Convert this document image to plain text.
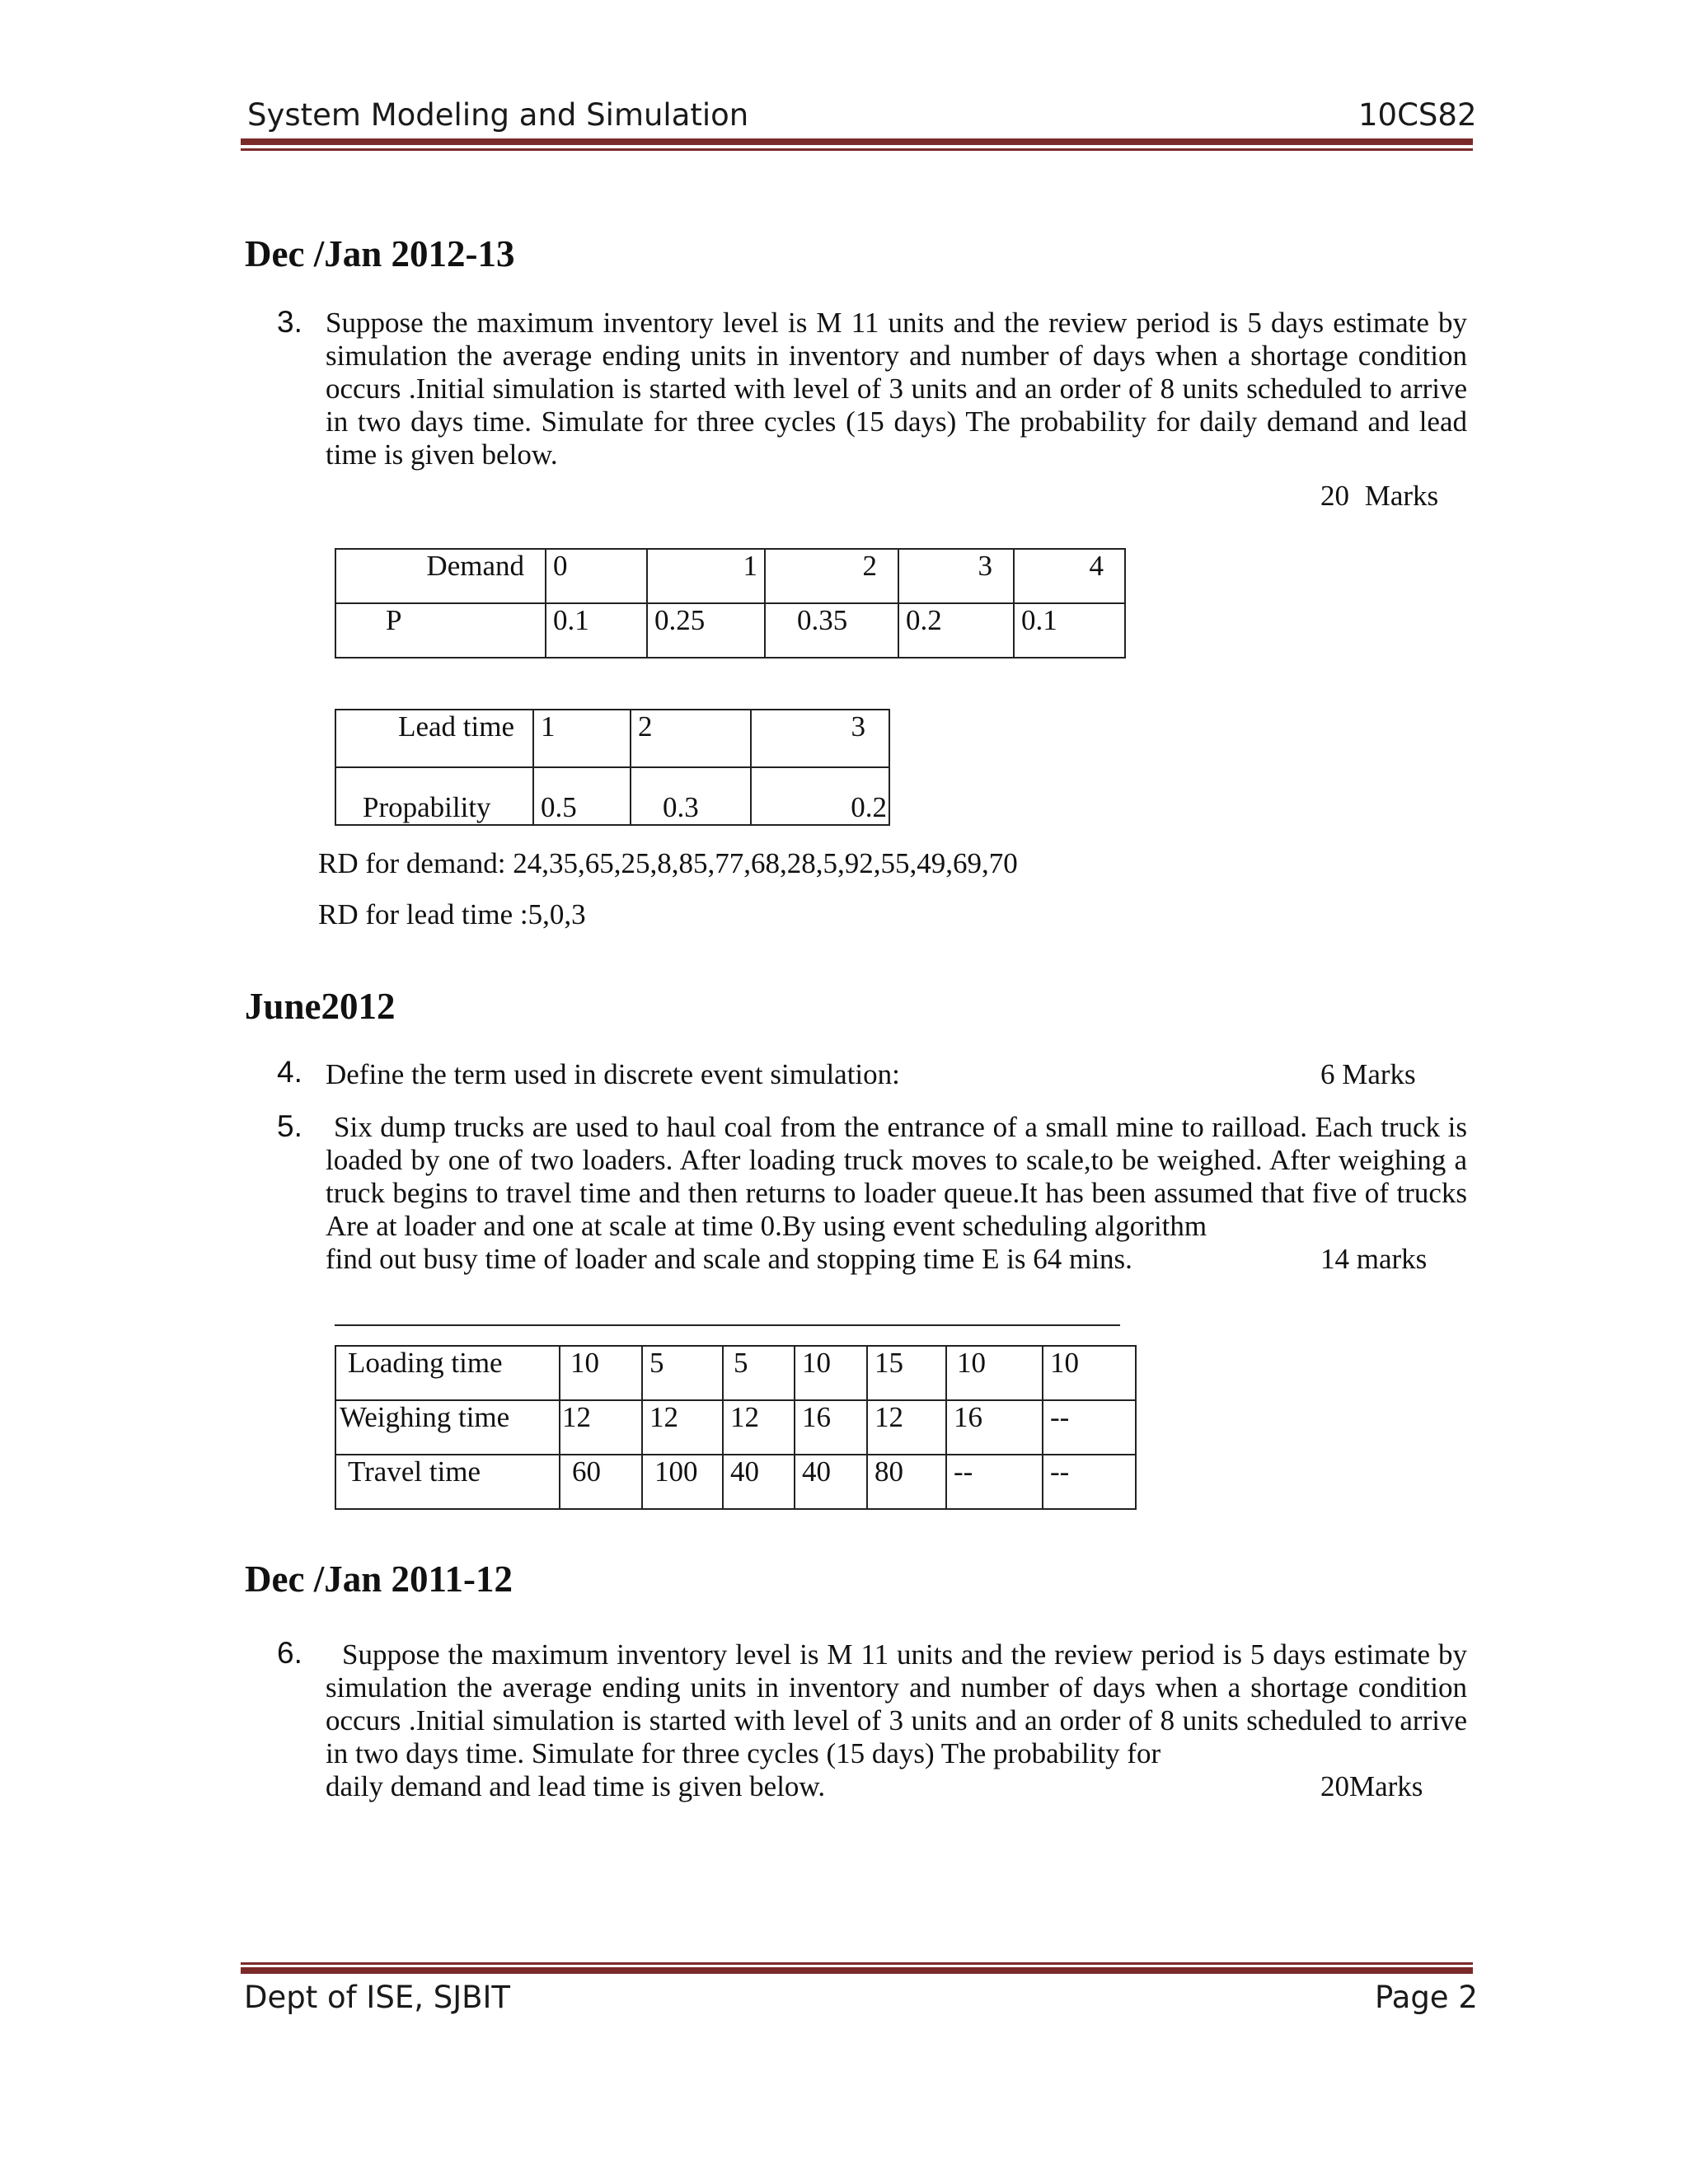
System Modeling and Simulation	10CS82
Dec /Jan 2012-13
3. Suppose the maximum inventory level is M 11 units and the review period is 5 days estimate by simulation the average ending units in inventory and number of days when a shortage condition occurs .Initial simulation is started with level of 3 units and an order of 8 units scheduled to arrive in two days time. Simulate for three cycles (15 days) The probability for daily demand and lead time is given below.
20 Marks
Demand	0	1	2	3	4
P	0.1	0.25	0.35	0.2	0.1
Lead time	1	2	3
Propability	0.5	0.3	0.2
RD for demand: 24,35,65,25,8,85,77,68,28,5,92,55,49,69,70
RD for lead time :5,0,3
June2012
4. Define the term used in discrete event simulation:	6 Marks
5. Six dump trucks are used to haul coal from the entrance of a small mine to railload. Each truck is loaded by one of two loaders. After loading truck moves to scale,to be weighed. After weighing a truck begins to travel time and then returns to loader queue.It has been assumed that five of trucks Are at loader and one at scale at time 0.By using event scheduling algorithm
find out busy time of loader and scale and stopping time E is 64 mins.	14 marks
Loading time	10	5	5	10	15	10	10
Weighing time	12	12	12	16	12	16	--
Travel time	60	100	40	40	80	--	--
Dec /Jan 2011-12
6.	Suppose the maximum inventory level is M 11 units and the review period is 5 days estimate by simulation the average ending units in inventory and number of days when a shortage condition occurs .Initial simulation is started with level of 3 units and an order of 8 units scheduled to arrive in two days time. Simulate for three cycles (15 days) The probability for
daily demand and lead time is given below.	20Marks
Dept of ISE, SJBIT	Page 2
